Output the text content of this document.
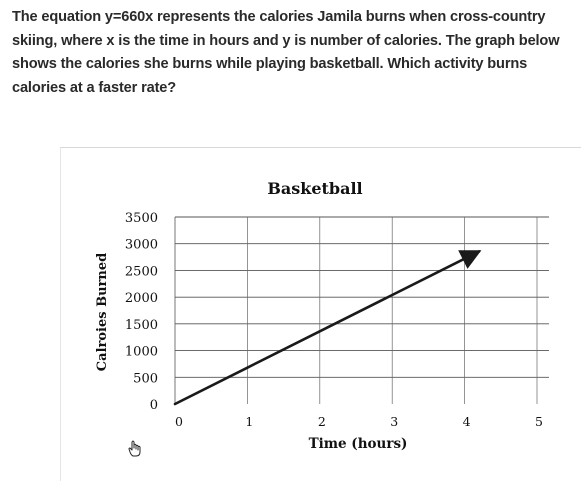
The equation y=660x represents the calories Jamila burns when cross-country skiing, where x is the time in hours and y is number of calories. The graph below shows the calories she burns while playing basketball. Which activity burns calories at a faster rate?
Basketball
Calroies Burned
Time (hours)
0
500
1000
1500
2000
2500
3000
3500
0	1	2	3	4	5
